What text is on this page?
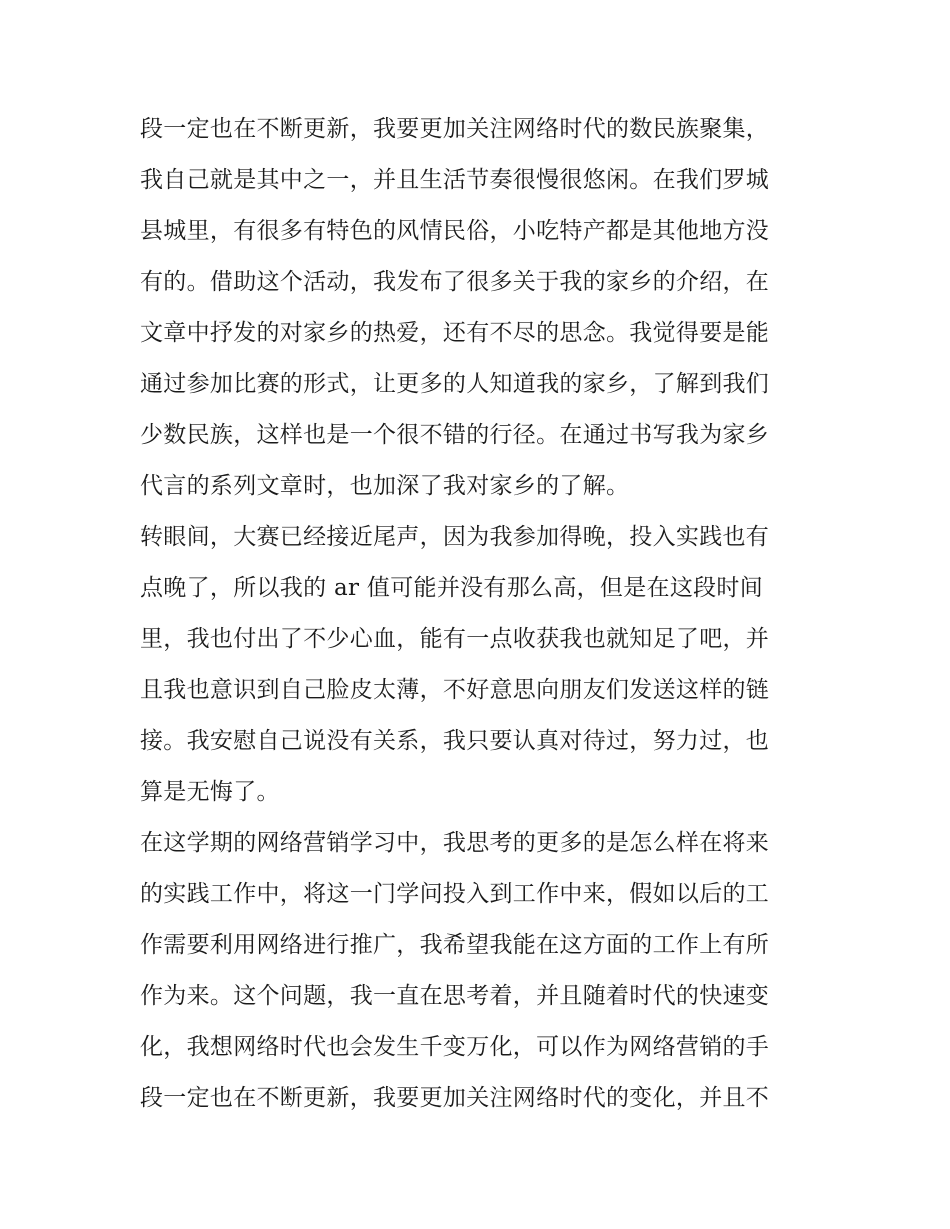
段一定也在不断更新，我要更加关注网络时代的数民族聚集，
我自己就是其中之一，并且生活节奏很慢很悠闲。在我们罗城
县城里，有很多有特色的风情民俗，小吃特产都是其他地方没
有的。借助这个活动，我发布了很多关于我的家乡的介绍，在
文章中抒发的对家乡的热爱，还有不尽的思念。我觉得要是能
通过参加比赛的形式，让更多的人知道我的家乡，了解到我们
少数民族，这样也是一个很不错的行径。在通过书写我为家乡
代言的系列文章时，也加深了我对家乡的了解。
转眼间，大赛已经接近尾声，因为我参加得晚，投入实践也有
点晚了，所以我的 ar 值可能并没有那么高，但是在这段时间
里，我也付出了不少心血，能有一点收获我也就知足了吧，并
且我也意识到自己脸皮太薄，不好意思向朋友们发送这样的链
接。我安慰自己说没有关系，我只要认真对待过，努力过，也
算是无悔了。
在这学期的网络营销学习中，我思考的更多的是怎么样在将来
的实践工作中，将这一门学问投入到工作中来，假如以后的工
作需要利用网络进行推广，我希望我能在这方面的工作上有所
作为来。这个问题，我一直在思考着，并且随着时代的快速变
化，我想网络时代也会发生千变万化，可以作为网络营销的手
段一定也在不断更新，我要更加关注网络时代的变化，并且不
